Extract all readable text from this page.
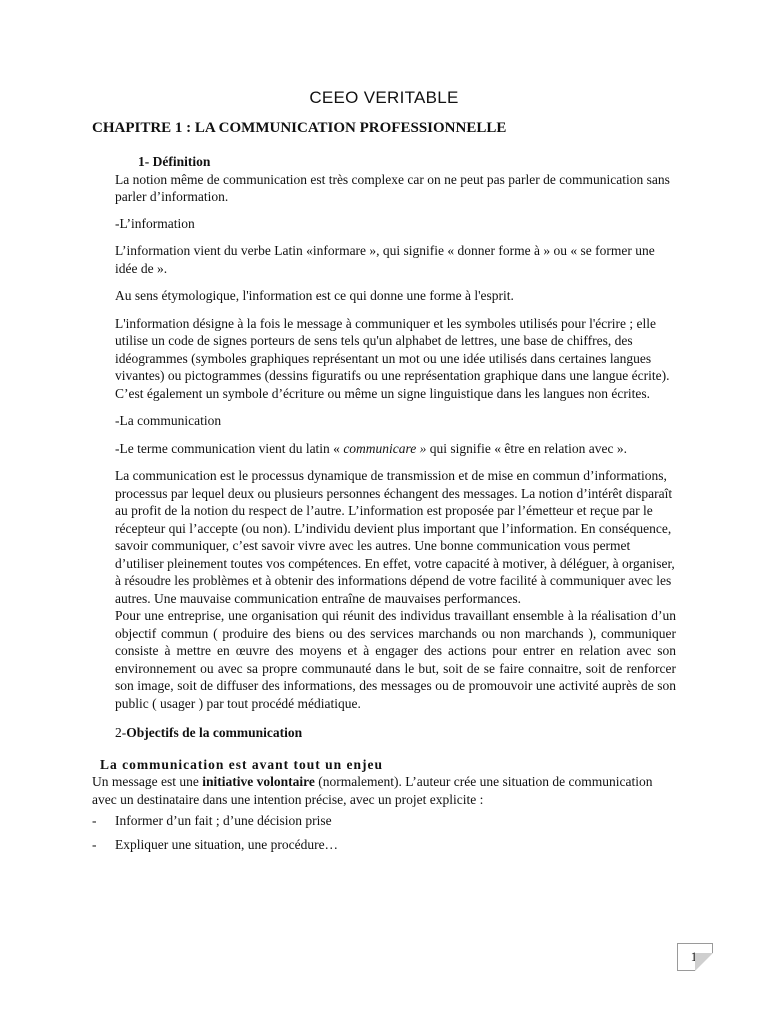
CEEO VERITABLE
CHAPITRE 1 : LA COMMUNICATION PROFESSIONNELLE

1- Définition

La notion même de communication est très complexe car on ne peut pas parler de communication sans parler d’information.

-L’information

L’information vient du verbe Latin «informare », qui signifie « donner forme à » ou « se former une idée de ».

Au sens étymologique, l'information est ce qui donne une forme à l'esprit.

L'information désigne à la fois le message à communiquer et les symboles utilisés pour l'écrire ; elle utilise un code de signes porteurs de sens tels qu'un alphabet de lettres, une base de chiffres, des idéogrammes (symboles graphiques représentant un mot ou une idée utilisés dans certaines langues vivantes) ou pictogrammes (dessins figuratifs ou une représentation graphique dans une langue écrite). C’est également un symbole d’écriture ou même un signe linguistique dans les langues non écrites.

-La communication

-Le terme communication vient du latin « communicare » qui signifie « être en relation avec ».

La communication est le processus dynamique de transmission et de mise en commun d’informations, processus par lequel deux ou plusieurs personnes échangent des messages. La notion d’intérêt disparaît au profit de la notion du respect de l’autre. L’information est proposée par l’émetteur et reçue par le récepteur qui l’accepte (ou non). L’individu devient plus important que l’information. En conséquence, savoir communiquer, c’est savoir vivre avec les autres. Une bonne communication vous permet d’utiliser pleinement toutes vos compétences. En effet, votre capacité à motiver, à déléguer, à organiser, à résoudre les problèmes et à obtenir des informations dépend de votre facilité à communiquer avec les autres. Une mauvaise communication entraîne de mauvaises performances.

Pour une entreprise, une organisation qui réunit des individus travaillant ensemble à la réalisation d’un objectif commun ( produire des biens ou des services marchands ou non marchands ), communiquer consiste à mettre en œuvre des moyens et à engager des actions pour entrer en relation avec son environnement ou avec sa propre communauté dans le but, soit de se faire connaitre, soit de renforcer son image, soit de diffuser des informations, des messages ou de promouvoir une activité auprès de son public ( usager ) par tout procédé médiatique.

2-Objectifs de la communication

La communication est avant tout un enjeu

Un message est une initiative volontaire (normalement). L’auteur crée une situation de communication avec un destinataire dans une intention précise, avec un projet explicite :

- Informer d’un fait ; d’une décision prise
- Expliquer une situation, une procédure…
1
